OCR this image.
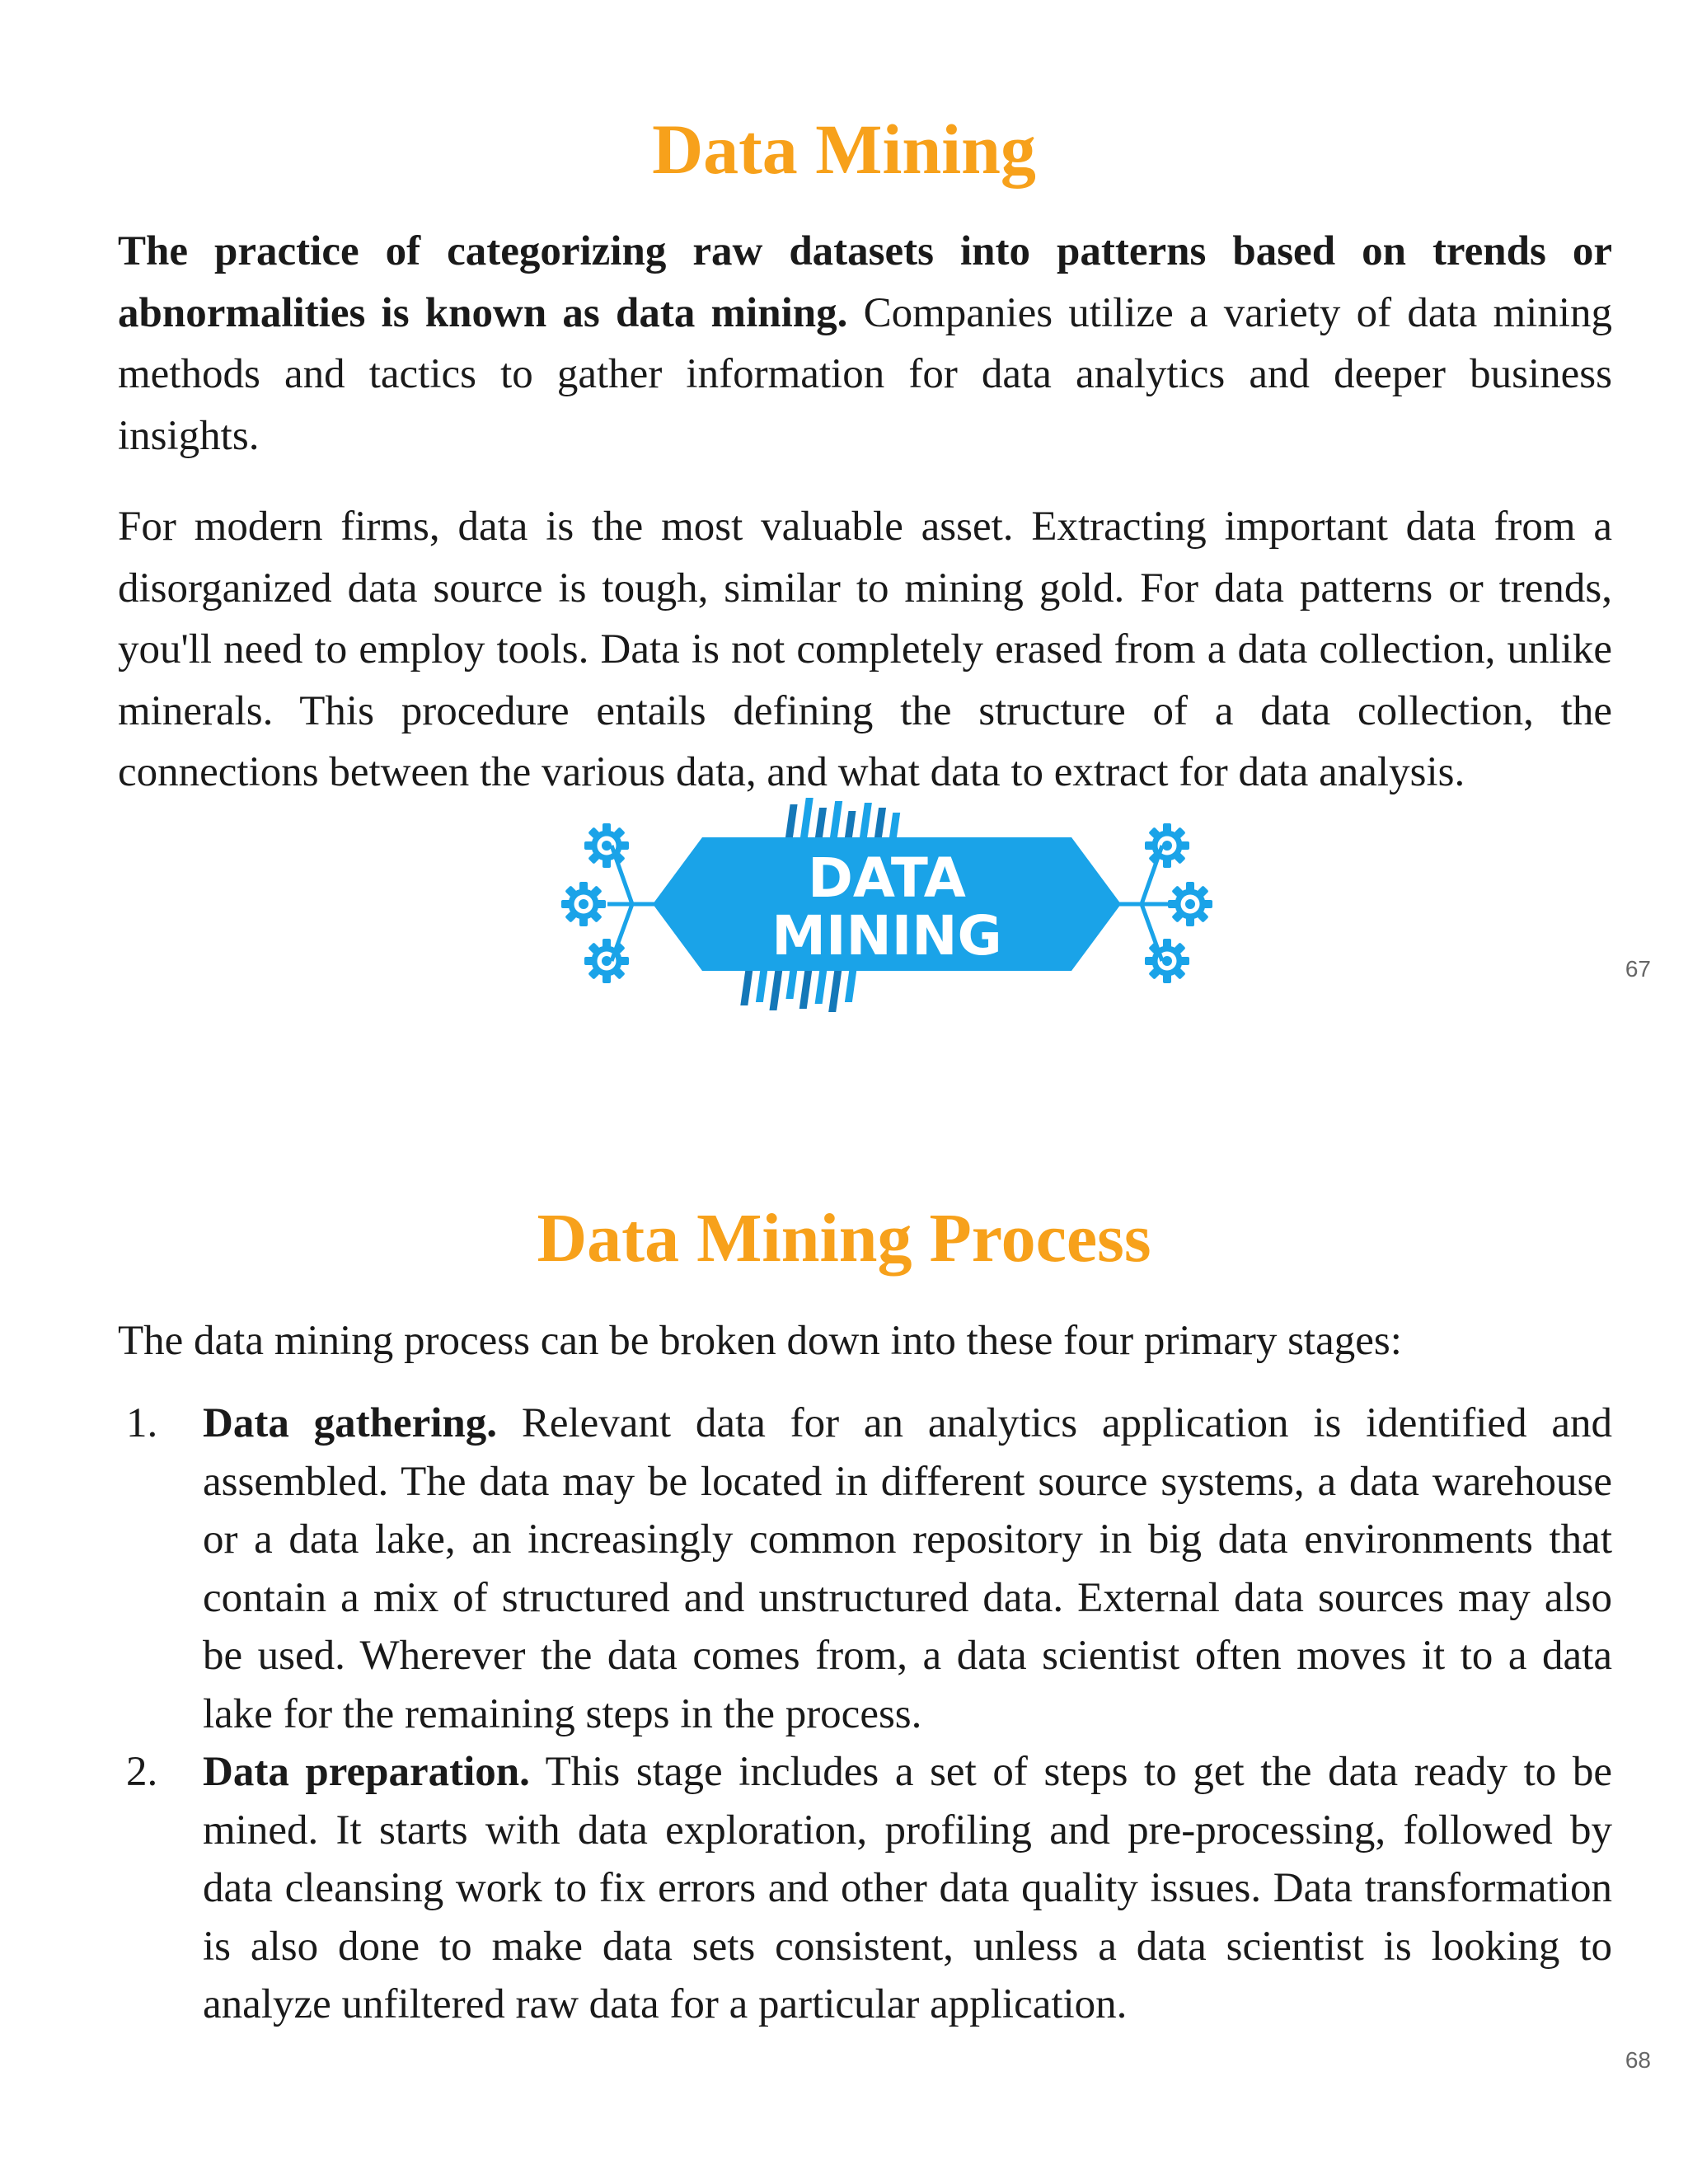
Data Mining

The practice of categorizing raw datasets into patterns based on trends or abnormalities is known as data mining. Companies utilize a variety of data mining methods and tactics to gather information for data analytics and deeper business insights.

For modern firms, data is the most valuable asset. Extracting important data from a disorganized data source is tough, similar to mining gold. For data patterns or trends, you'll need to employ tools. Data is not completely erased from a data collection, unlike minerals. This procedure entails defining the structure of a data collection, the connections between the various data, and what data to extract for data analysis.

DATA
MINING
67
Data Mining Process

The data mining process can be broken down into these four primary stages:

1. Data gathering. Relevant data for an analytics application is identified and assembled. The data may be located in different source systems, a data warehouse or a data lake, an increasingly common repository in big data environments that contain a mix of structured and unstructured data. External data sources may also be used. Wherever the data comes from, a data scientist often moves it to a data lake for the remaining steps in the process.
2. Data preparation. This stage includes a set of steps to get the data ready to be mined. It starts with data exploration, profiling and pre-processing, followed by data cleansing work to fix errors and other data quality issues. Data transformation is also done to make data sets consistent, unless a data scientist is looking to analyze unfiltered raw data for a particular application.
68
